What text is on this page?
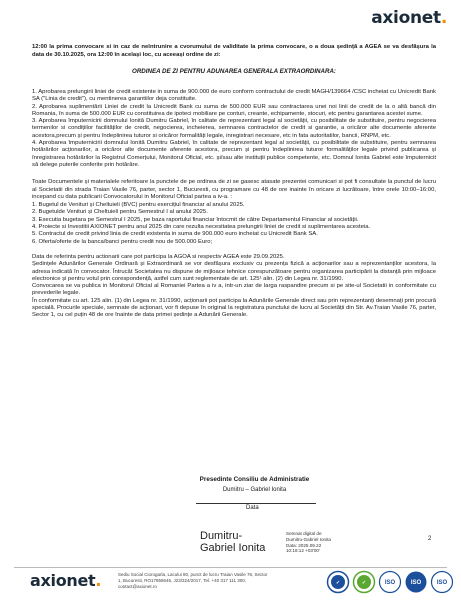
axionet.

12:00 la prima convocare si in caz de neîntrunire a cvorumului de validitate la prima convocare, o a doua ședință a AGEA se va desfășura la data de 30.10.2025, ora 12:00 în același loc, cu aceeași ordine de zi:

ORDINEA DE ZI PENTRU ADUNAREA GENERALA EXTRAORDINARA:

1. Aprobarea prelungirii liniei de credit existente in suma de 900.000 de euro conform contractului de credit MAGH/139664 /CSC incheiat cu Unicredit Bank SA ("Linia de credit"), cu mentinerea garantiilor deja constituite.
2. Aprobarea suplimentării Liniei de credit la Unicredit Bank cu suma de 500.000 EUR sau contractarea unei noi linii de credit de la o altă bancă din Romania, în suma de 500.000 EUR cu constituirea de ipoteci mobiliare pe conturi, creante, echipamente, stocuri, etc pentru garantarea acestei sume.
3. Aprobarea împuternicirii domnului Ionită Dumitru Gabriel, în calitate de reprezentant legal al societății, cu posibilitate de substituire, pentru negocierea termenilor si condițiilor facilităților de credit, negocierea, incheierea, semnarea contractelor de credit si garantie, a oricăror alte documente aferente acestora,precum și pentru îndeplinirea tuturor si oricăror formalități legale, inregistrari necesare, etc in fata autoritatilor, bancii, RNPM, etc.
4. Aprobarea împuternicirii domnului Ionită Dumitru Gabriel, în calitate de reprezentant legal al societății, cu posibilitate de substituire, pentru semnarea hotărârilor acționarilor, a oricăror alte documente aferente acestora, precum și pentru îndeplinirea tuturor formalităților legale privind publicarea și înregistrarea hotărârilor la Registrul Comerțului, Monitorul Oficial, etc. și/sau alte instituții publice competente, etc. Domnul Ionita Gabriel este împuternicit să delege puterile conferite prin hotărâre.

Toate Documentele și materialele referitoare la punctele de pe ordinea de zi se gasesc atasate prezentei comunicari si pot fi consultate la punctul de lucru al Societatii din strada Traian Vasile 76, parter, sector 1, Bucuresti, cu programare cu 48 de ore inainte în oricare zi lucrătoare, între orele 10:00–16:00, incepand cu data publicarii Convocatorului in Monitorul Oficial partea a iv-a. :

1. Bugetul de Venituri și Cheltuieli (BVC) pentru exercițiul financiar al anului 2025.
2. Bugetulde Venituri și Cheltuieli pentru Semestrul I al anului 2025.
3. Executia bugetara pe Semestrul I 2025, pe baza raportului financiar întocmit de către Departamentul Financiar al societății.
4. Proiecte si Investitii AXIONET pentru anul 2025 din care rezulta necesitatea prelungirii liniei de credit si suplimentarea acesteia.
5. Contractul de credit privind linia de credit existenta in suma de 900.000 euro incheiat cu Unicredit Bank SA.
6. Oferta/oferte de la banca/banci pentru credit nou de 500.000 Euro;

Data de referinta pentru actionarii care pot participa la AGOA si respectiv AGEA este 29.09.2025.

Ședințele Adunărilor Generale Ordinară și Extraordinară se vor desfășura exclusiv cu prezența fizică a acționarilor sau a reprezentanților acestora, la adresa indicată în convocator. Întrucât Societatea nu dispune de mijloace tehnice corespunzătoare pentru organizarea participării la distanță prin mijloace electronice și pentru votul prin corespondență, astfel cum sunt reglementate de art. 125¹ alin. (2) din Legea nr. 31/1990.

Convocarea se va publica in Monitorul Oficial al Romaniei Partea a iv a, intr-un ziar de larga raspandire precum si pe site-ul Societatii in conformitate cu prevederile legale.

În conformitate cu art. 125 alin. (1) din Legea nr. 31/1990, acționarii pot participa la Adunările Generale direct sau prin reprezentanți desemnați prin procură specială. Procurile speciale, semnate de acționari, vor fi depuse în original la registratura punctului de lucru al Societății din Str. Av.Traian Vasile 76, parter, Sector 1, cu cel puțin 48 de ore înainte de data primei ședințe a Adunării Generale.

Presedinte Consiliu de Administratie

Dumitru – Gabriel Ionita

Data
Dumitru-
Gabriel Ionita
Semnat digital de
Dumitru-Gabriel Ionita
Data: 2025.09.22
10:18:12 +03'00'
2
axionet.	Sediu Social Ciorogarla, Lacului 80, punct de lucru Traian Vasile 76, Sector
1, Bucuresti, RO17858646, J23/324/2017, Tel. +40 317 111 300,
contact@axionet.ro
✓	✓	ISO	ISO	ISO
